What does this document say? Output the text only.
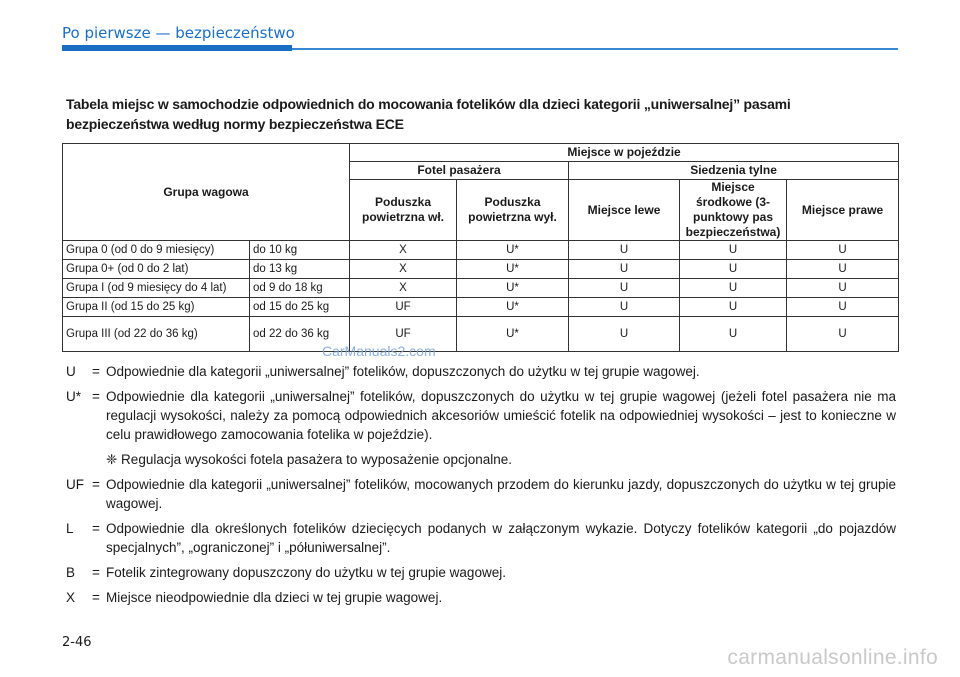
Po pierwsze — bezpieczeństwo
Tabela miejsc w samochodzie odpowiednich do mocowania fotelików dla dzieci kategorii „uniwersalnej” pasami
bezpieczeństwa według normy bezpieczeństwa ECE
Grupa wagowa		Miejsce w pojeździe				
		Fotel pasażera		Siedzenia tylne		
		Poduszka powietrzna wł.	Poduszka powietrzna wył.	Miejsce lewe	Miejsce środkowe (3-punktowy pas bezpieczeństwa)	Miejsce prawe
Grupa 0 (od 0 do 9 miesięcy)	do 10 kg	X	U*	U	U	U
Grupa 0+ (od 0 do 2 lat)	do 13 kg	X	U*	U	U	U
Grupa I (od 9 miesięcy do 4 lat)	od 9 do 18 kg	X	U*	U	U	U
Grupa II (od 15 do 25 kg)	od 15 do 25 kg	UF	U*	U	U	U
Grupa III (od 22 do 36 kg)	od 22 do 36 kg	UF	U*	U	U	U
CarManuals2.com
U	= Odpowiednie dla kategorii „uniwersalnej” fotelików, dopuszczonych do użytku w tej grupie wagowej.
U* = Odpowiednie dla kategorii „uniwersalnej” fotelików, dopuszczonych do użytku w tej grupie wagowej (jeżeli fotel pasażera nie ma regulacji wysokości, należy za pomocą odpowiednich akcesoriów umieścić fotelik na odpowiedniej wysokości – jest to konieczne w celu prawidłowego zamocowania fotelika w pojeździe).
❈ Regulacja wysokości fotela pasażera to wyposażenie opcjonalne.
UF = Odpowiednie dla kategorii „uniwersalnej” fotelików, mocowanych przodem do kierunku jazdy, dopuszczonych do użytku w tej grupie wagowej.
L	= Odpowiednie dla określonych fotelików dziecięcych podanych w załączonym wykazie. Dotyczy fotelików kategorii „do pojazdów specjalnych”, „ograniczonej” i „półuniwersalnej”.
B	= Fotelik zintegrowany dopuszczony do użytku w tej grupie wagowej.
X	= Miejsce nieodpowiednie dla dzieci w tej grupie wagowej.
2-46
carmanualsonline.info
